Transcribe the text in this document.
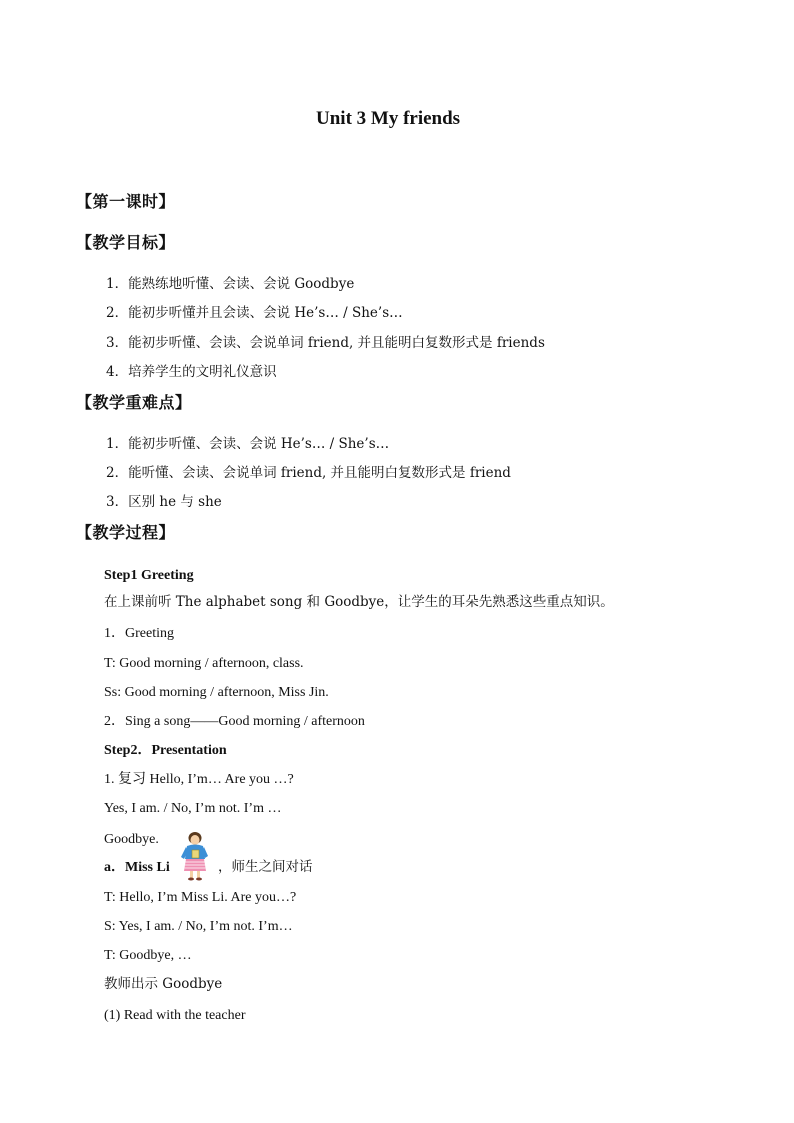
Unit 3 My friends
【第一课时】
【教学目标】
1．能熟练地听懂、会读、会说 Goodbye
2．能初步听懂并且会读、会说 He’s… / She’s…
3．能初步听懂、会读、会说单词 friend, 并且能明白复数形式是 friends
4．培养学生的文明礼仪意识
【教学重难点】
1．能初步听懂、会读、会说 He’s… / She’s…
2．能听懂、会读、会说单词 friend, 并且能明白复数形式是 friend
3．区别 he 与 she
【教学过程】
Step1 Greeting
在上课前听 The alphabet song 和 Goodbye，让学生的耳朵先熟悉这些重点知识。
1．Greeting
T: Good morning / afternoon, class.
Ss: Good morning / afternoon, Miss Jin.
2．Sing a song——Good morning / afternoon
Step2．Presentation
1. 复习 Hello, I’m… Are you …?
Yes, I am. / No, I’m not. I’m …
Goodbye.
a．Miss Li	，师生之间对话
T: Hello, I’m Miss Li. Are you…?
S: Yes, I am. / No, I’m not. I’m…
T: Goodbye, …
教师出示 Goodbye
(1) Read with the teacher
